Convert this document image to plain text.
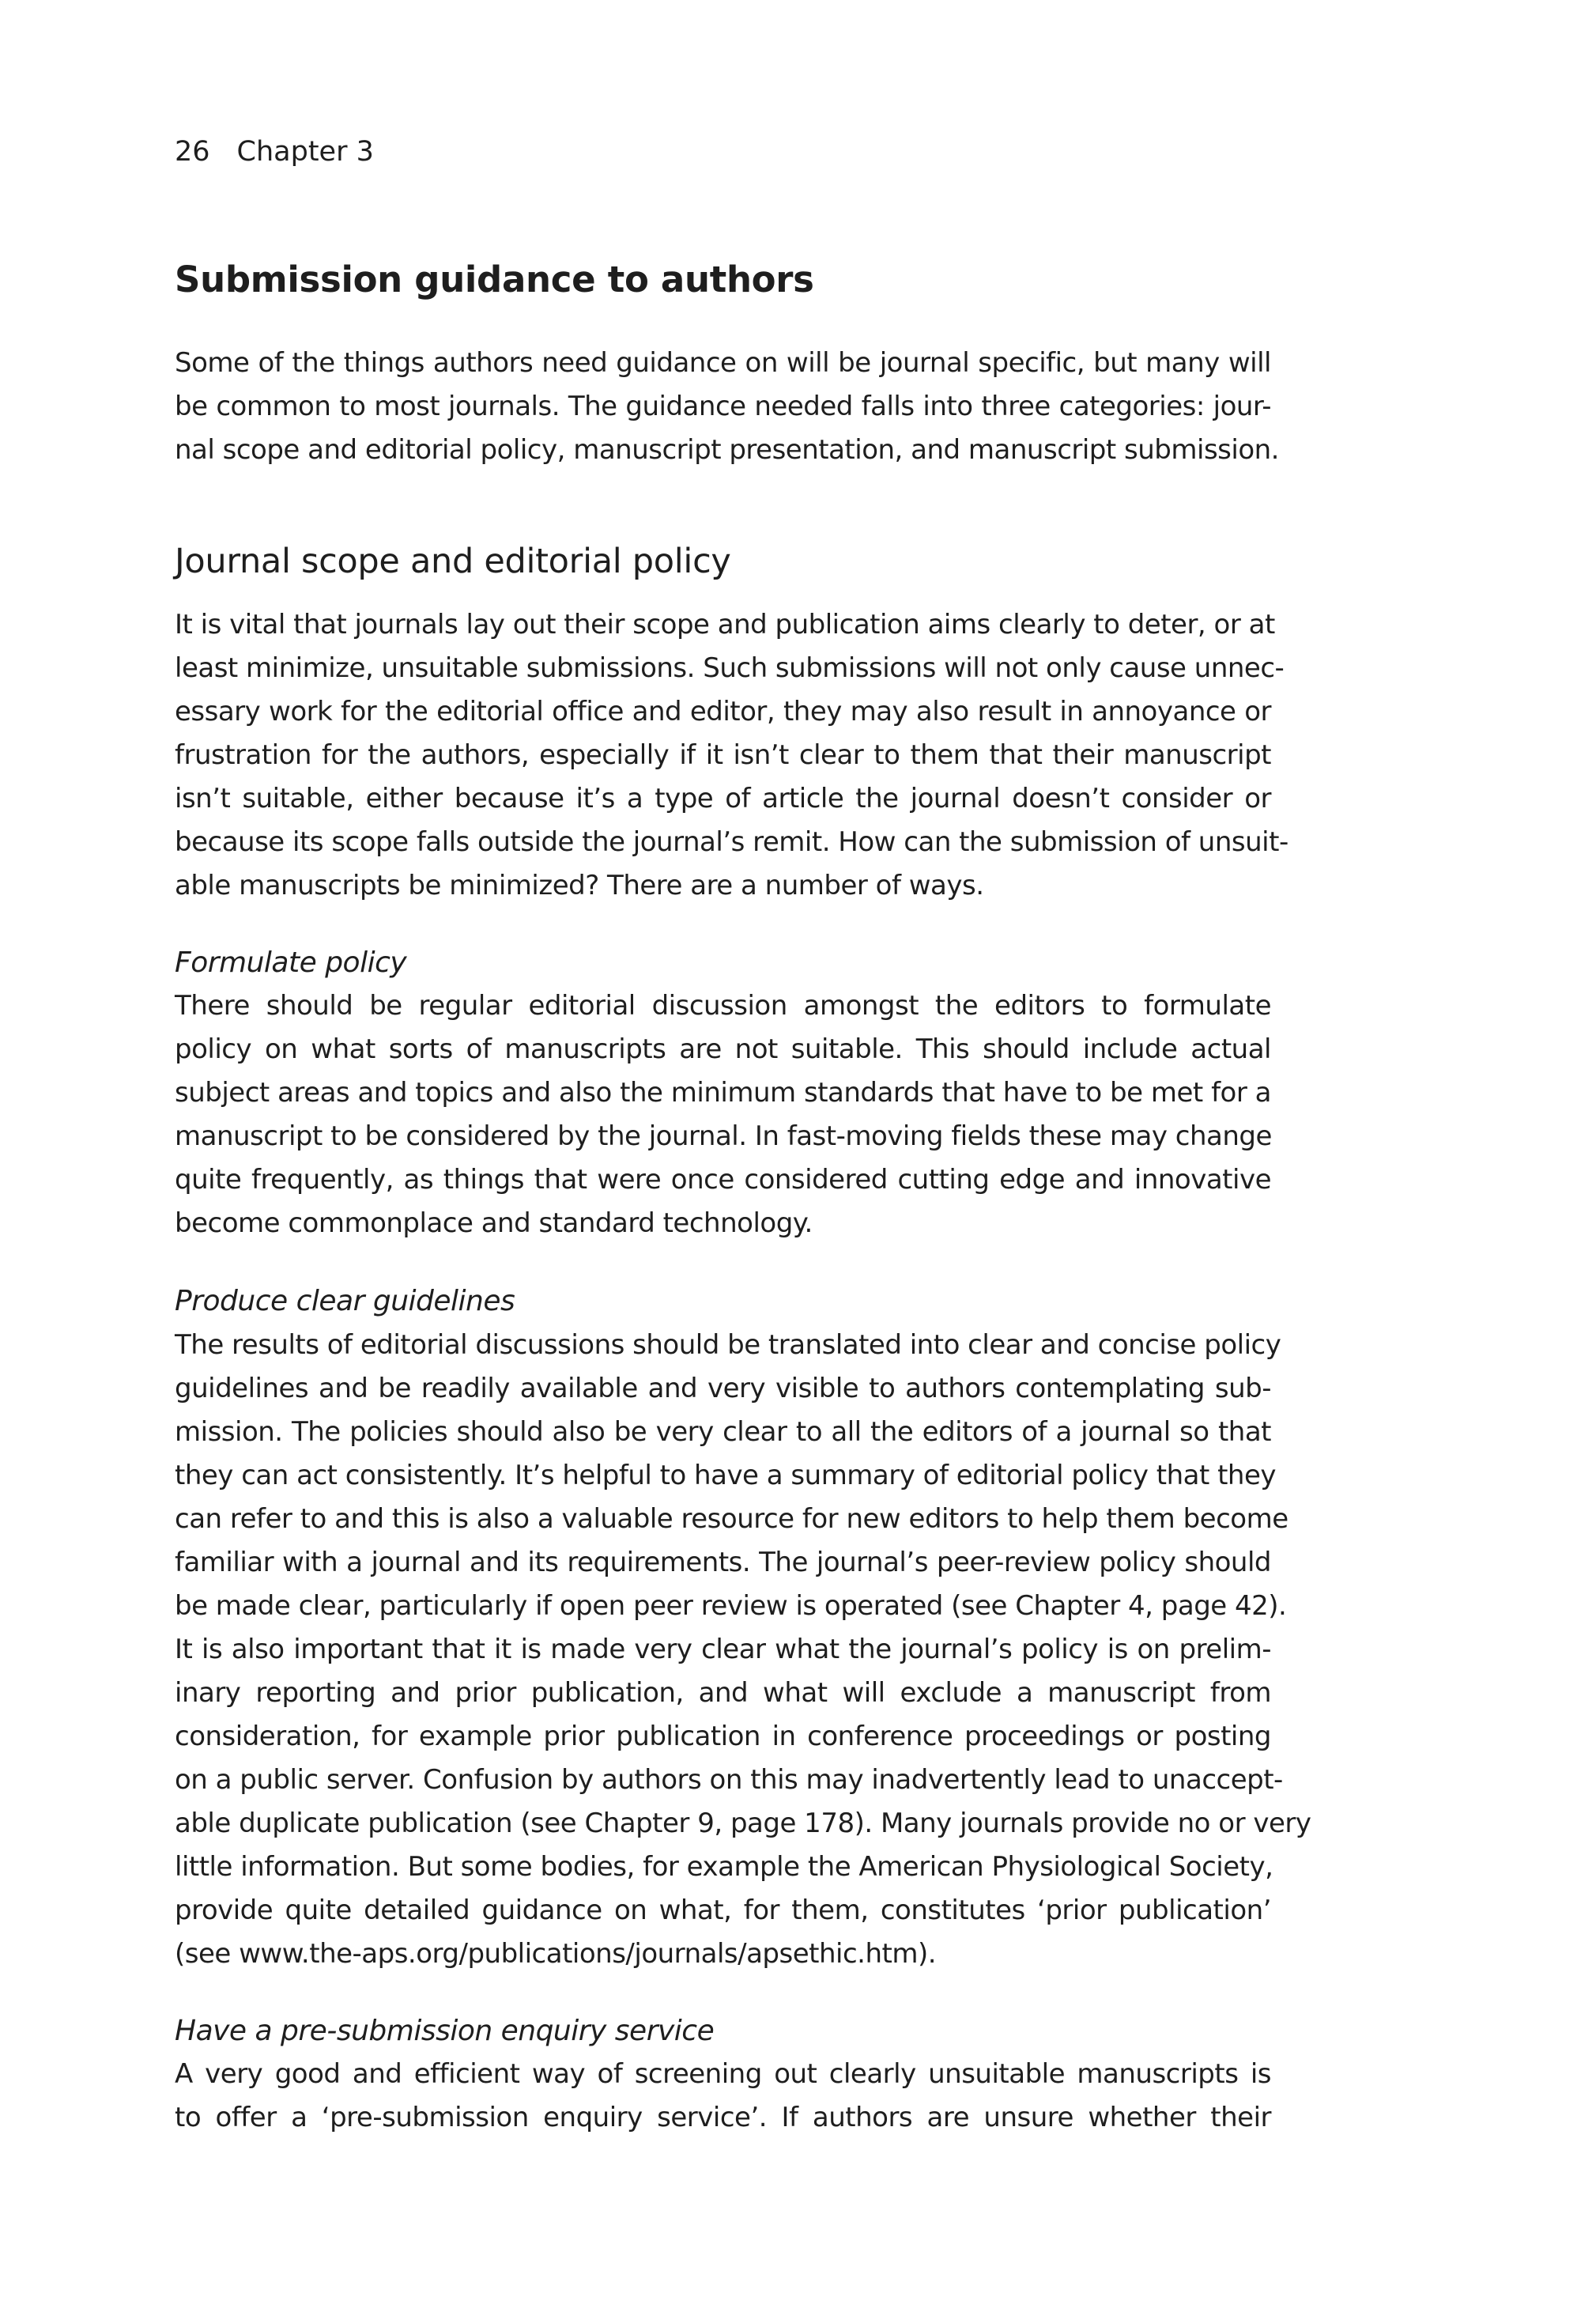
26 Chapter 3
Submission guidance to authors
Some of the things authors need guidance on will be journal specific, but many will
be common to most journals. The guidance needed falls into three categories: jour-
nal scope and editorial policy, manuscript presentation, and manuscript submission.
Journal scope and editorial policy
It is vital that journals lay out their scope and publication aims clearly to deter, or at
least minimize, unsuitable submissions. Such submissions will not only cause unnec-
essary work for the editorial office and editor, they may also result in annoyance or
frustration for the authors, especially if it isn’t clear to them that their manuscript
isn’t suitable, either because it’s a type of article the journal doesn’t consider or
because its scope falls outside the journal’s remit. How can the submission of unsuit-
able manuscripts be minimized? There are a number of ways.
Formulate policy
There should be regular editorial discussion amongst the editors to formulate
policy on what sorts of manuscripts are not suitable. This should include actual
subject areas and topics and also the minimum standards that have to be met for a
manuscript to be considered by the journal. In fast-moving fields these may change
quite frequently, as things that were once considered cutting edge and innovative
become commonplace and standard technology.
Produce clear guidelines
The results of editorial discussions should be translated into clear and concise policy
guidelines and be readily available and very visible to authors contemplating sub-
mission. The policies should also be very clear to all the editors of a journal so that
they can act consistently. It’s helpful to have a summary of editorial policy that they
can refer to and this is also a valuable resource for new editors to help them become
familiar with a journal and its requirements. The journal’s peer-review policy should
be made clear, particularly if open peer review is operated (see Chapter 4, page 42).
It is also important that it is made very clear what the journal’s policy is on prelim-
inary reporting and prior publication, and what will exclude a manuscript from
consideration, for example prior publication in conference proceedings or posting
on a public server. Confusion by authors on this may inadvertently lead to unaccept-
able duplicate publication (see Chapter 9, page 178). Many journals provide no or very
little information. But some bodies, for example the American Physiological Society,
provide quite detailed guidance on what, for them, constitutes ‘prior publication’
(see www.the-aps.org/publications/journals/apsethic.htm).
Have a pre-submission enquiry service
A very good and efficient way of screening out clearly unsuitable manuscripts is
to offer a ‘pre-submission enquiry service’. If authors are unsure whether their
